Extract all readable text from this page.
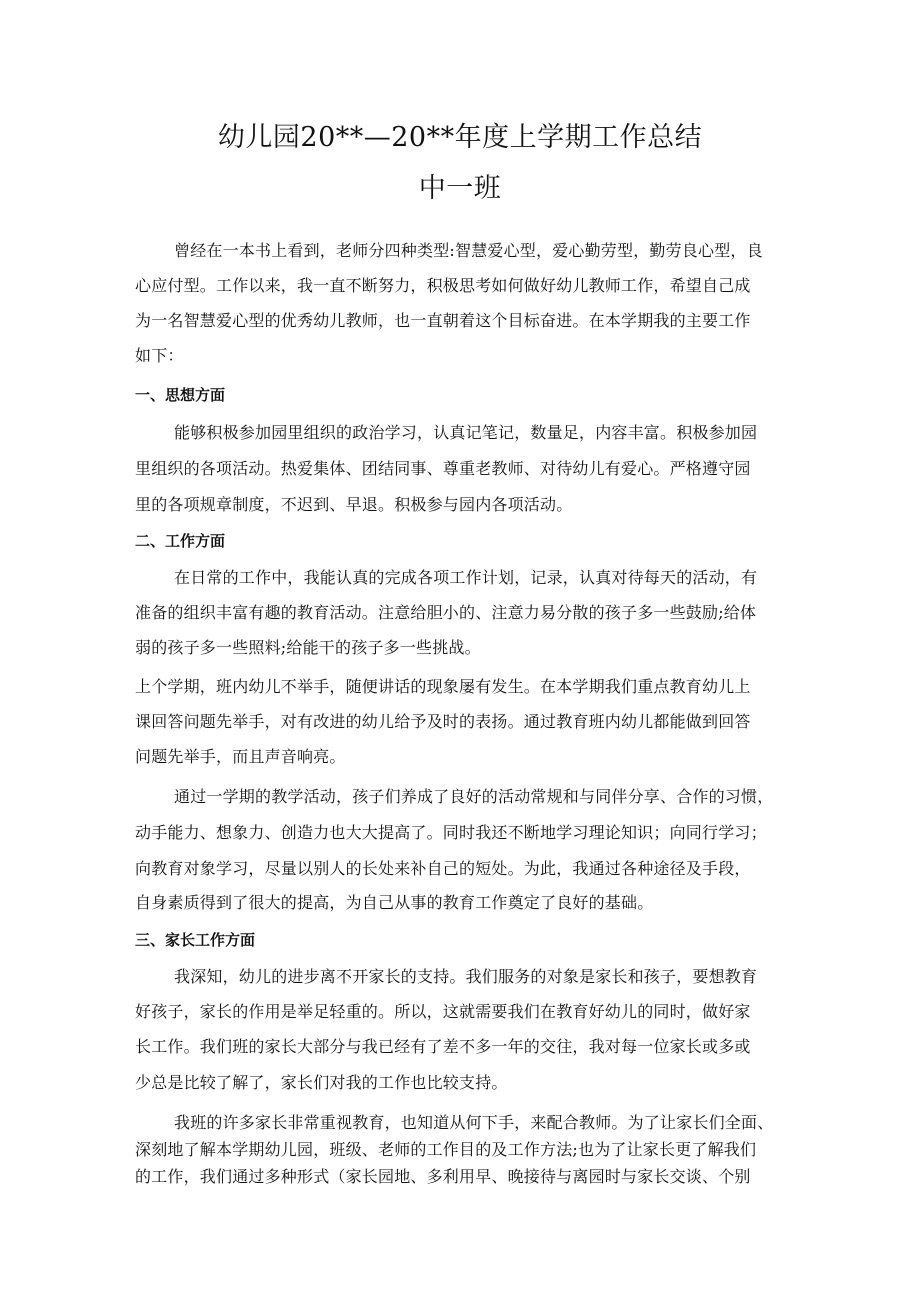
幼儿园20**—20**年度上学期工作总结
中一班
曾经在一本书上看到，老师分四种类型:智慧爱心型，爱心勤劳型，勤劳良心型，良
心应付型。工作以来，我一直不断努力，积极思考如何做好幼儿教师工作，希望自己成
为一名智慧爱心型的优秀幼儿教师，也一直朝着这个目标奋进。在本学期我的主要工作
如下：
一、思想方面
能够积极参加园里组织的政治学习，认真记笔记，数量足，内容丰富。积极参加园
里组织的各项活动。热爱集体、团结同事、尊重老教师、对待幼儿有爱心。严格遵守园
里的各项规章制度，不迟到、早退。积极参与园内各项活动。
二、工作方面
在日常的工作中，我能认真的完成各项工作计划，记录，认真对待每天的活动，有
准备的组织丰富有趣的教育活动。注意给胆小的、注意力易分散的孩子多一些鼓励;给体
弱的孩子多一些照料;给能干的孩子多一些挑战。
上个学期，班内幼儿不举手，随便讲话的现象屡有发生。在本学期我们重点教育幼儿上
课回答问题先举手，对有改进的幼儿给予及时的表扬。通过教育班内幼儿都能做到回答
问题先举手，而且声音响亮。
通过一学期的教学活动，孩子们养成了良好的活动常规和与同伴分享、合作的习惯，
动手能力、想象力、创造力也大大提高了。同时我还不断地学习理论知识；向同行学习；
向教育对象学习，尽量以别人的长处来补自己的短处。为此，我通过各种途径及手段，
自身素质得到了很大的提高，为自己从事的教育工作奠定了良好的基础。
三、家长工作方面
我深知，幼儿的进步离不开家长的支持。我们服务的对象是家长和孩子，要想教育
好孩子，家长的作用是举足轻重的。所以，这就需要我们在教育好幼儿的同时，做好家
长工作。我们班的家长大部分与我已经有了差不多一年的交往，我对每一位家长或多或
少总是比较了解了，家长们对我的工作也比较支持。
我班的许多家长非常重视教育，也知道从何下手，来配合教师。为了让家长们全面、
深刻地了解本学期幼儿园，班级、老师的工作目的及工作方法;也为了让家长更了解我们
的工作，我们通过多种形式（家长园地、多利用早、晚接待与离园时与家长交谈、个别
